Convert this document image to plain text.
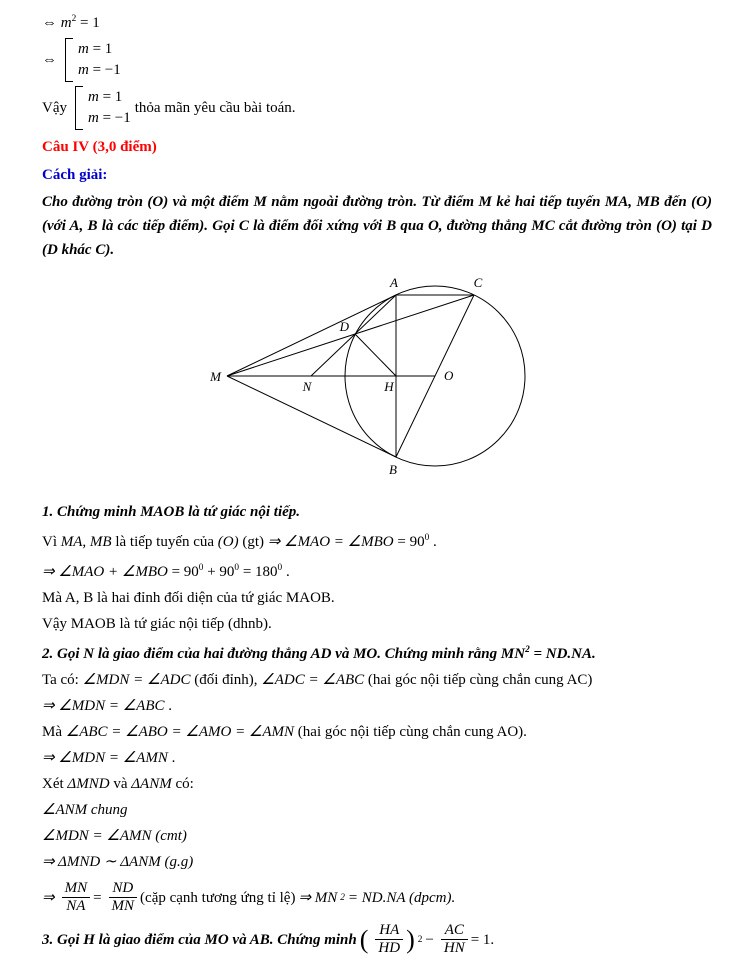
⇔ $m^2 = 1$
⇔
m = 1
m = −1
Vậy
m = 1
m = −1
thỏa mãn yêu cầu bài toán.
Câu IV (3,0 điểm)
Cách giải:
Cho đường tròn (O) và một điểm M nằm ngoài đường tròn. Từ điểm M kẻ hai tiếp tuyến MA, MB đến (O) (với A, B là các tiếp điểm). Gọi C là điểm đối xứng với B qua O, đường thẳng MC cắt đường tròn (O) tại D (D khác C).
A	C
D
M
N	H
O
B
1. Chứng minh MAOB là tứ giác nội tiếp.
Vì MA, MB là tiếp tuyến của (O) (gt) ⇒ ∠MAO = ∠MBO = $90^0$ .
⇒ ∠MAO + ∠MBO = $90^0 + 90^0 = 180^0$ .
Mà A, B là hai đỉnh đối diện của tứ giác MAOB.
Vậy MAOB là tứ giác nội tiếp (dhnb).
2. Gọi N là giao điểm của hai đường thẳng AD và MO. Chứng minh rằng $MN^2 = ND.NA$.
Ta có: ∠MDN = ∠ADC (đối đỉnh), ∠ADC = ∠ABC (hai góc nội tiếp cùng chắn cung AC)
⇒ ∠MDN = ∠ABC .
Mà ∠ABC = ∠ABO = ∠AMO = ∠AMN (hai góc nội tiếp cùng chắn cung AO).
⇒ ∠MDN = ∠AMN .
Xét ΔMND và ΔANM có:
∠ANM chung
∠MDN = ∠AMN (cmt)
⇒ ΔMND ∼ ΔANM (g.g)
⇒ $\frac{MN}{NA} = \frac{ND}{MN}$ (cặp cạnh tương ứng tỉ lệ) ⇒ MN 2 = ND.NA (dpcm).
3. Gọi H là giao điểm của MO và AB. Chứng minh ( $\frac{HA}{HD}$ ) $2 - \frac{AC}{HN} = 1$.
